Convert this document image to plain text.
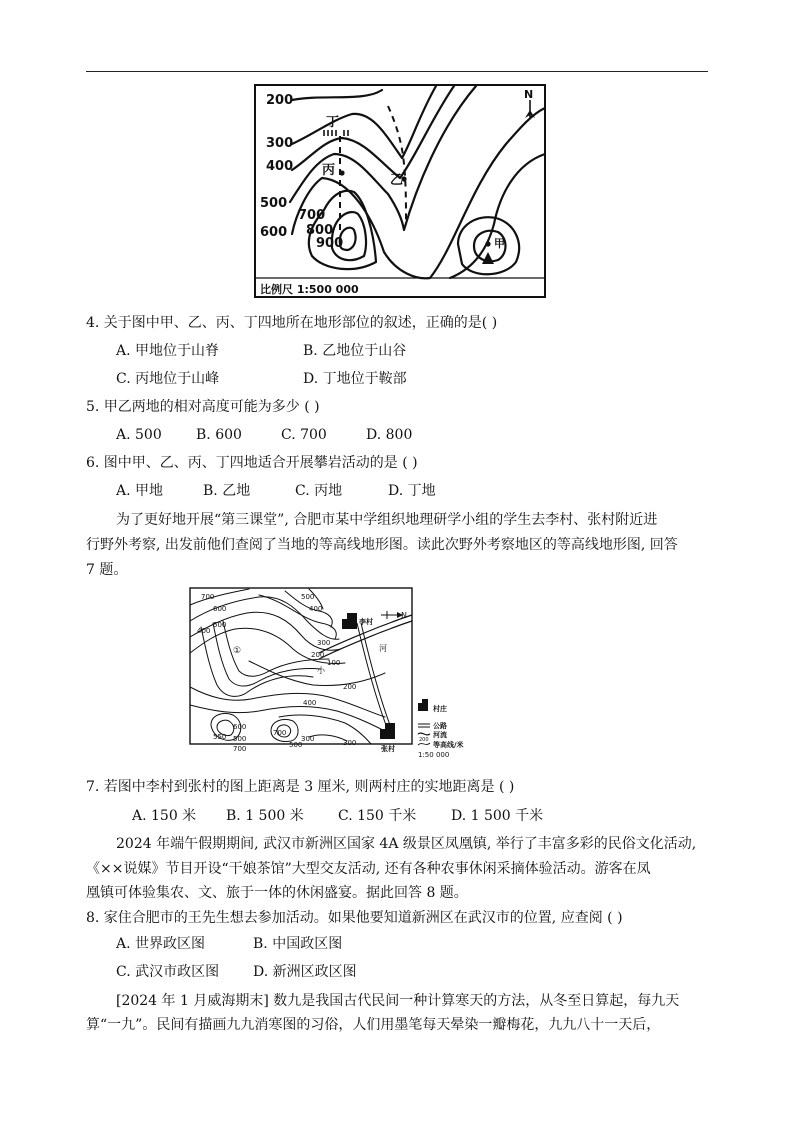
200
300
400
500
600
700
800
900
丁
丙
乙
甲
N
比例尺 1:500 000
4. 关于图中甲、乙、丙、丁四地所在地形部位的叙述，正确的是( )
A. 甲地位于山脊	B. 乙地位于山谷
C. 丙地位于山峰	D. 丁地位于鞍部
5. 甲乙两地的相对高度可能为多少 ( )
A. 500 B. 600	C. 700	D. 800
6. 图中甲、乙、丙、丁四地适合开展攀岩活动的是 ( )
A. 甲地	B. 乙地	C. 丙地	D. 丁地
为了更好地开展“第三课堂”, 合肥市某中学组织地理研学小组的学生去李村、张村附近进
行野外考察, 出发前他们查阅了当地的等高线地形图。读此次野外考察地区的等高线地形图, 回答
7 题。
700
600
500
400
500
400
300
200
100
200
300
400
600
550 500
700
700
500
300
①	河
小
N
李村
张村
村庄
公路
河流
200
等高线/米
1:50 000
7. 若图中李村到张村的图上距离是 3 厘米, 则两村庄的实地距离是 ( )
A. 150 米 B. 1 500 米 C. 150 千米 D. 1 500 千米
2024 年端午假期期间, 武汉市新洲区国家 4A 级景区凤凰镇, 举行了丰富多彩的民俗文化活动,
《××说媒》节目开设“干娘茶馆”大型交友活动, 还有各种农事休闲采摘体验活动。游客在凤
凰镇可体验集农、文、旅于一体的休闲盛宴。据此回答 8 题。
8. 家住合肥市的王先生想去参加活动。如果他要知道新洲区在武汉市的位置, 应查阅 ( )
A. 世界政区图	B. 中国政区图
C. 武汉市政区图 D. 新洲区政区图
[2024 年 1 月威海期末] 数九是我国古代民间一种计算寒天的方法，从冬至日算起，每九天
算“一九”。民间有描画九九消寒图的习俗，人们用墨笔每天晕染一瓣梅花，九九八十一天后，
